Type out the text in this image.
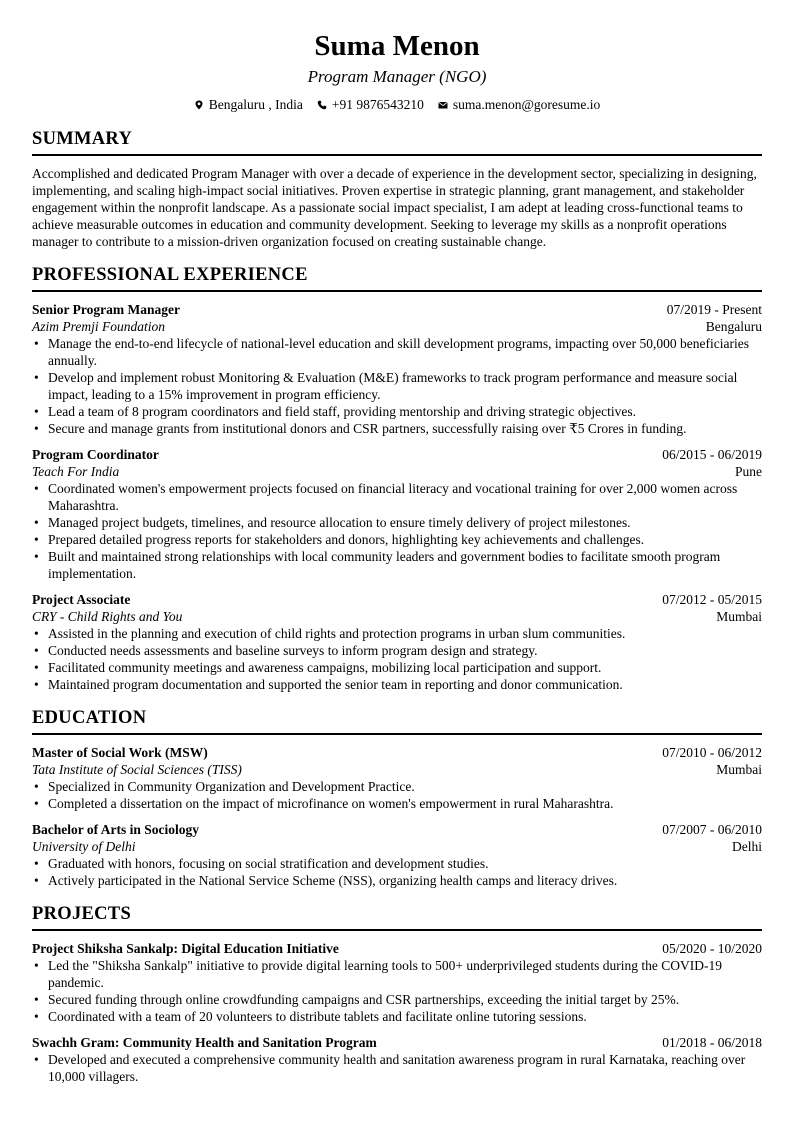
Suma Menon
Program Manager (NGO)
Bengaluru , India +91 9876543210 suma.menon@goresume.io
SUMMARY
Accomplished and dedicated Program Manager with over a decade of experience in the development sector, specializing in designing, implementing, and scaling high-impact social initiatives. Proven expertise in strategic planning, grant management, and stakeholder engagement within the nonprofit landscape. As a passionate social impact specialist, I am adept at leading cross-functional teams to achieve measurable outcomes in education and community development. Seeking to leverage my skills as a nonprofit operations manager to contribute to a mission-driven organization focused on creating sustainable change.
PROFESSIONAL EXPERIENCE
Senior Program Manager	07/2019 - Present
Azim Premji Foundation	Bengaluru
• Manage the end-to-end lifecycle of national-level education and skill development programs, impacting over 50,000 beneficiaries annually.
• Develop and implement robust Monitoring & Evaluation (M&E) frameworks to track program performance and measure social impact, leading to a 15% improvement in program efficiency.
• Lead a team of 8 program coordinators and field staff, providing mentorship and driving strategic objectives.
• Secure and manage grants from institutional donors and CSR partners, successfully raising over ₹5 Crores in funding.
Program Coordinator	06/2015 - 06/2019
Teach For India	Pune
• Coordinated women's empowerment projects focused on financial literacy and vocational training for over 2,000 women across Maharashtra.
• Managed project budgets, timelines, and resource allocation to ensure timely delivery of project milestones.
• Prepared detailed progress reports for stakeholders and donors, highlighting key achievements and challenges.
• Built and maintained strong relationships with local community leaders and government bodies to facilitate smooth program implementation.
Project Associate	07/2012 - 05/2015
CRY - Child Rights and You	Mumbai
• Assisted in the planning and execution of child rights and protection programs in urban slum communities.
• Conducted needs assessments and baseline surveys to inform program design and strategy.
• Facilitated community meetings and awareness campaigns, mobilizing local participation and support.
• Maintained program documentation and supported the senior team in reporting and donor communication.
EDUCATION
Master of Social Work (MSW)	07/2010 - 06/2012
Tata Institute of Social Sciences (TISS)	Mumbai
• Specialized in Community Organization and Development Practice.
• Completed a dissertation on the impact of microfinance on women's empowerment in rural Maharashtra.
Bachelor of Arts in Sociology	07/2007 - 06/2010
University of Delhi	Delhi
• Graduated with honors, focusing on social stratification and development studies.
• Actively participated in the National Service Scheme (NSS), organizing health camps and literacy drives.
PROJECTS
Project Shiksha Sankalp: Digital Education Initiative	05/2020 - 10/2020
• Led the "Shiksha Sankalp" initiative to provide digital learning tools to 500+ underprivileged students during the COVID-19 pandemic.
• Secured funding through online crowdfunding campaigns and CSR partnerships, exceeding the initial target by 25%.
• Coordinated with a team of 20 volunteers to distribute tablets and facilitate online tutoring sessions.
Swachh Gram: Community Health and Sanitation Program	01/2018 - 06/2018
• Developed and executed a comprehensive community health and sanitation awareness program in rural Karnataka, reaching over 10,000 villagers.
